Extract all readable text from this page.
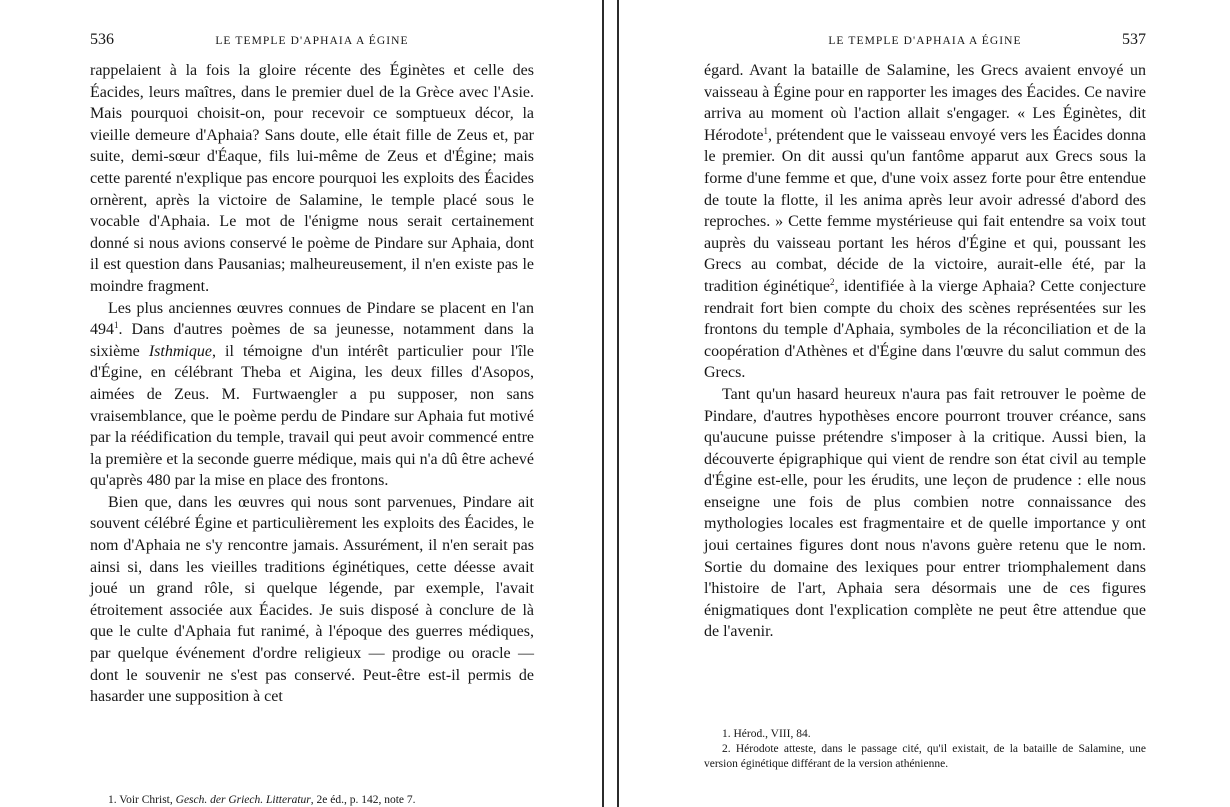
536	LE TEMPLE D'APHAIA A ÉGINE

rappelaient à la fois la gloire récente des Éginètes et celle des Éacides, leurs maîtres, dans le premier duel de la Grèce avec l'Asie. Mais pourquoi choisit-on, pour recevoir ce somptueux décor, la vieille demeure d'Aphaia? Sans doute, elle était fille de Zeus et, par suite, demi-sœur d'Éaque, fils lui-même de Zeus et d'Égine; mais cette parenté n'explique pas encore pourquoi les exploits des Éacides ornèrent, après la victoire de Salamine, le temple placé sous le vocable d'Aphaia. Le mot de l'énigme nous serait certainement donné si nous avions conservé le poème de Pindare sur Aphaia, dont il est question dans Pausanias; malheureusement, il n'en existe pas le moindre fragment.

Les plus anciennes œuvres connues de Pindare se placent en l'an $494^1$. Dans d'autres poèmes de sa jeunesse, notamment dans la sixième Isthmique, il témoigne d'un intérêt particulier pour l'île d'Égine, en célébrant Theba et Aigina, les deux filles d'Asopos, aimées de Zeus. M. Furtwaengler a pu supposer, non sans vraisemblance, que le poème perdu de Pindare sur Aphaia fut motivé par la réédification du temple, travail qui peut avoir commencé entre la première et la seconde guerre médique, mais qui n'a dû être achevé qu'après 480 par la mise en place des frontons.

Bien que, dans les œuvres qui nous sont parvenues, Pindare ait souvent célébré Égine et particulièrement les exploits des Éacides, le nom d'Aphaia ne s'y rencontre jamais. Assurément, il n'en serait pas ainsi si, dans les vieilles traditions éginétiques, cette déesse avait joué un grand rôle, si quelque légende, par exemple, l'avait étroitement associée aux Éacides. Je suis disposé à conclure de là que le culte d'Aphaia fut ranimé, à l'époque des guerres médiques, par quelque événement d'ordre religieux — prodige ou oracle — dont le souvenir ne s'est pas conservé. Peut-être est-il permis de hasarder une supposition à cet

1. Voir Christ, Gesch. der Griech. Litteratur, 2e éd., p. 142, note 7.

LE TEMPLE D'APHAIA A ÉGINE	537

égard. Avant la bataille de Salamine, les Grecs avaient envoyé un vaisseau à Égine pour en rapporter les images des Éacides. Ce navire arriva au moment où l'action allait s'engager. « Les Éginètes, dit Hérodote$^1$, prétendent que le vaisseau envoyé vers les Éacides donna le premier. On dit aussi qu'un fantôme apparut aux Grecs sous la forme d'une femme et que, d'une voix assez forte pour être entendue de toute la flotte, il les anima après leur avoir adressé d'abord des reproches. » Cette femme mystérieuse qui fait entendre sa voix tout auprès du vaisseau portant les héros d'Égine et qui, poussant les Grecs au combat, décide de la victoire, aurait-elle été, par la tradition éginétique$^2$, identifiée à la vierge Aphaia? Cette conjecture rendrait fort bien compte du choix des scènes représentées sur les frontons du temple d'Aphaia, symboles de la réconciliation et de la coopération d'Athènes et d'Égine dans l'œuvre du salut commun des Grecs.

Tant qu'un hasard heureux n'aura pas fait retrouver le poème de Pindare, d'autres hypothèses encore pourront trouver créance, sans qu'aucune puisse prétendre s'imposer à la critique. Aussi bien, la découverte épigraphique qui vient de rendre son état civil au temple d'Égine est-elle, pour les érudits, une leçon de prudence : elle nous enseigne une fois de plus combien notre connaissance des mythologies locales est fragmentaire et de quelle importance y ont joui certaines figures dont nous n'avons guère retenu que le nom. Sortie du domaine des lexiques pour entrer triomphalement dans l'histoire de l'art, Aphaia sera désormais une de ces figures énigmatiques dont l'explication complète ne peut être attendue que de l'avenir.

1. Hérod., VIII, 84.

2. Hérodote atteste, dans le passage cité, qu'il existait, de la bataille de Salamine, une version éginétique différant de la version athénienne.
